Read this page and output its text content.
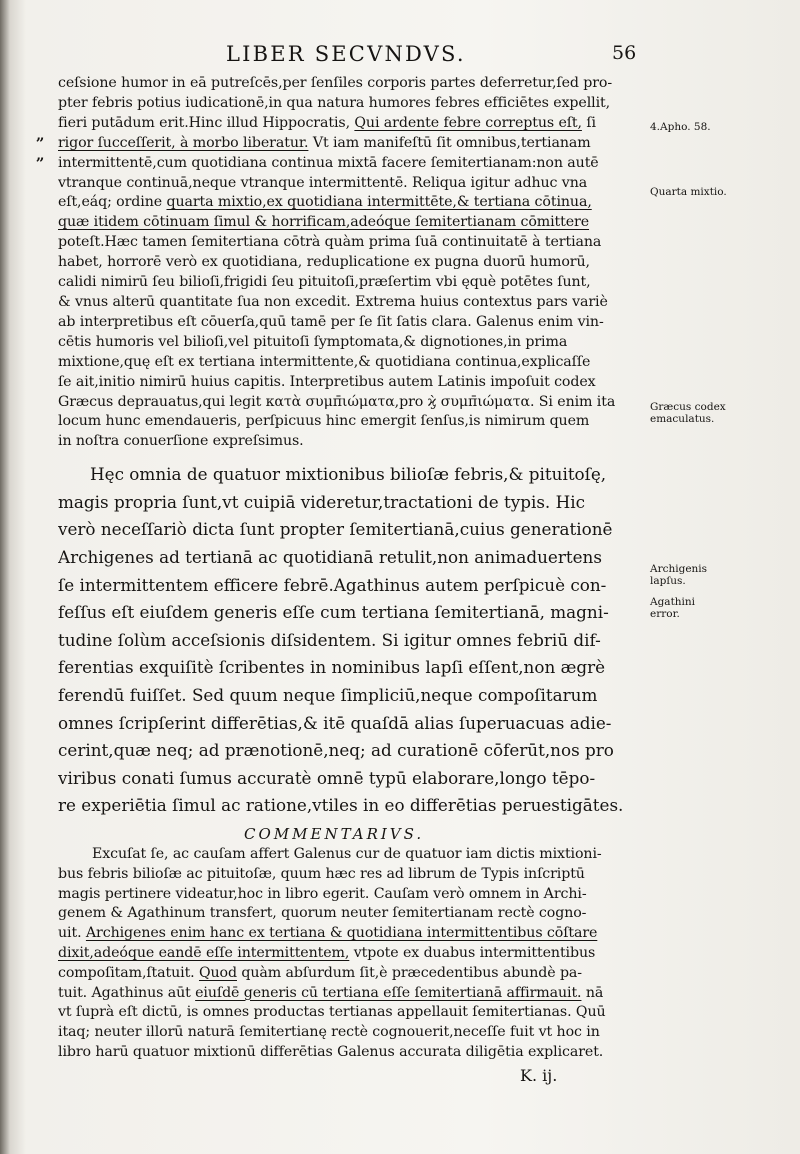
LIBER SECVNDVS.	56
„
„
ceſsione humor in eā putreſcēs,per ſenſiles corporis partes deferretur,ſed pro-
pter febris potius iudicationē,in qua natura humores febres efficiētes expellit,
fieri putādum erit.Hinc illud Hippocratis, Qui ardente febre correptus eſt, ſi
rigor ſucceſſerit, à morbo liberatur. Vt iam manifeſtū ſit omnibus,tertianam
intermittentē,cum quotidiana continua mixtā facere ſemitertianam:non autē
vtranque continuā,neque vtranque intermittentē. Reliqua igitur adhuc vna
eſt,eáq; ordine quarta mixtio,ex quotidiana intermittēte,& tertiana cōtinua,
quæ itidem cōtinuam ſimul & horrificam,adeóque ſemitertianam cōmittere
poteſt.Hæc tamen ſemitertiana cōtrà quàm prima ſuā continuitatē à tertiana
habet, horrorē verò ex quotidiana, reduplicatione ex pugna duorū humorū,
calidi nimirū ſeu bilioſi,frigidi ſeu pituitoſi,præſertim vbi ęquè potētes ſunt,
& vnus alterū quantitate ſua non excedit. Extrema huius contextus pars variè
ab interpretibus eſt cōuerſa,quū tamē per ſe ſit ſatis clara. Galenus enim vin-
cētis humoris vel bilioſi,vel pituitoſi ſymptomata,& dignotiones,in prima
mixtione,quę eſt ex tertiana intermittente,& quotidiana continua,explicaſſe
ſe ait,initio nimirū huius capitis. Interpretibus autem Latinis impoſuit codex
Græcus deprauatus,qui legit κατὰ συμπ̄ιώματα,pro ϗ̀ συμπ̄ιώματα. Si enim ita
locum hunc emendaueris, perſpicuus hinc emergit ſenſus,is nimirum quem
in noſtra conuerſione expreſsimus.
Hęc omnia de quatuor mixtionibus bilioſæ febris,& pituitoſę,
magis propria ſunt,vt cuipiā videretur,tractationi de typis. Hic
verò neceſſariò dicta ſunt propter ſemitertianā,cuius generationē
Archigenes ad tertianā ac quotidianā retulit,non animaduertens
ſe intermittentem efficere febrē.Agathinus autem perſpicuè con-
feſſus eſt eiuſdem generis eſſe cum tertiana ſemitertianā, magni-
tudine ſolùm acceſsionis diſsidentem. Si igitur omnes febriū dif-
ferentias exquiſitè ſcribentes in nominibus lapſi eſſent,non ægrè
ferendū fuiſſet. Sed quum neque ſimpliciū,neque compoſitarum
omnes ſcripſerint differētias,& itē quaſdā alias ſuperuacuas adie-
cerint,quæ neq; ad prænotionē,neq; ad curationē cōferūt,nos pro
viribus conati ſumus accuratè omnē typū elaborare,longo tēpo-
re experiētia ſimul ac ratione,vtiles in eo differētias peruestigātes.
COMMENTARIVS.
Excuſat ſe, ac cauſam affert Galenus cur de quatuor iam dictis mixtioni-
bus febris bilioſæ ac pituitoſæ, quum hæc res ad librum de Typis inſcriptū
magis pertinere videatur,hoc in libro egerit. Cauſam verò omnem in Archi-
genem & Agathinum transfert, quorum neuter ſemitertianam rectè cogno-
uit. Archigenes enim hanc ex tertiana & quotidiana intermittentibus cōſtare
dixit,adeóque eandē eſſe intermittentem, vtpote ex duabus intermittentibus
compoſitam,ſtatuit. Quod quàm abſurdum ſit,è præcedentibus abundè pa-
tuit. Agathinus aūt eiuſdē generis cū tertiana eſſe ſemitertianā affirmauit. nā
vt ſuprà eſt dictū, is omnes productas tertianas appellauit ſemitertianas. Quū
itaq; neuter illorū naturā ſemitertianę rectè cognouerit,neceſſe fuit vt hoc in
libro harū quatuor mixtionū differētias Galenus accurata diligētia explicaret.
K. ij.
4.Apho. 58.
Quarta mixtio.
Græcus codex emaculatus.
Archigenis lapſus.
Agathini error.
